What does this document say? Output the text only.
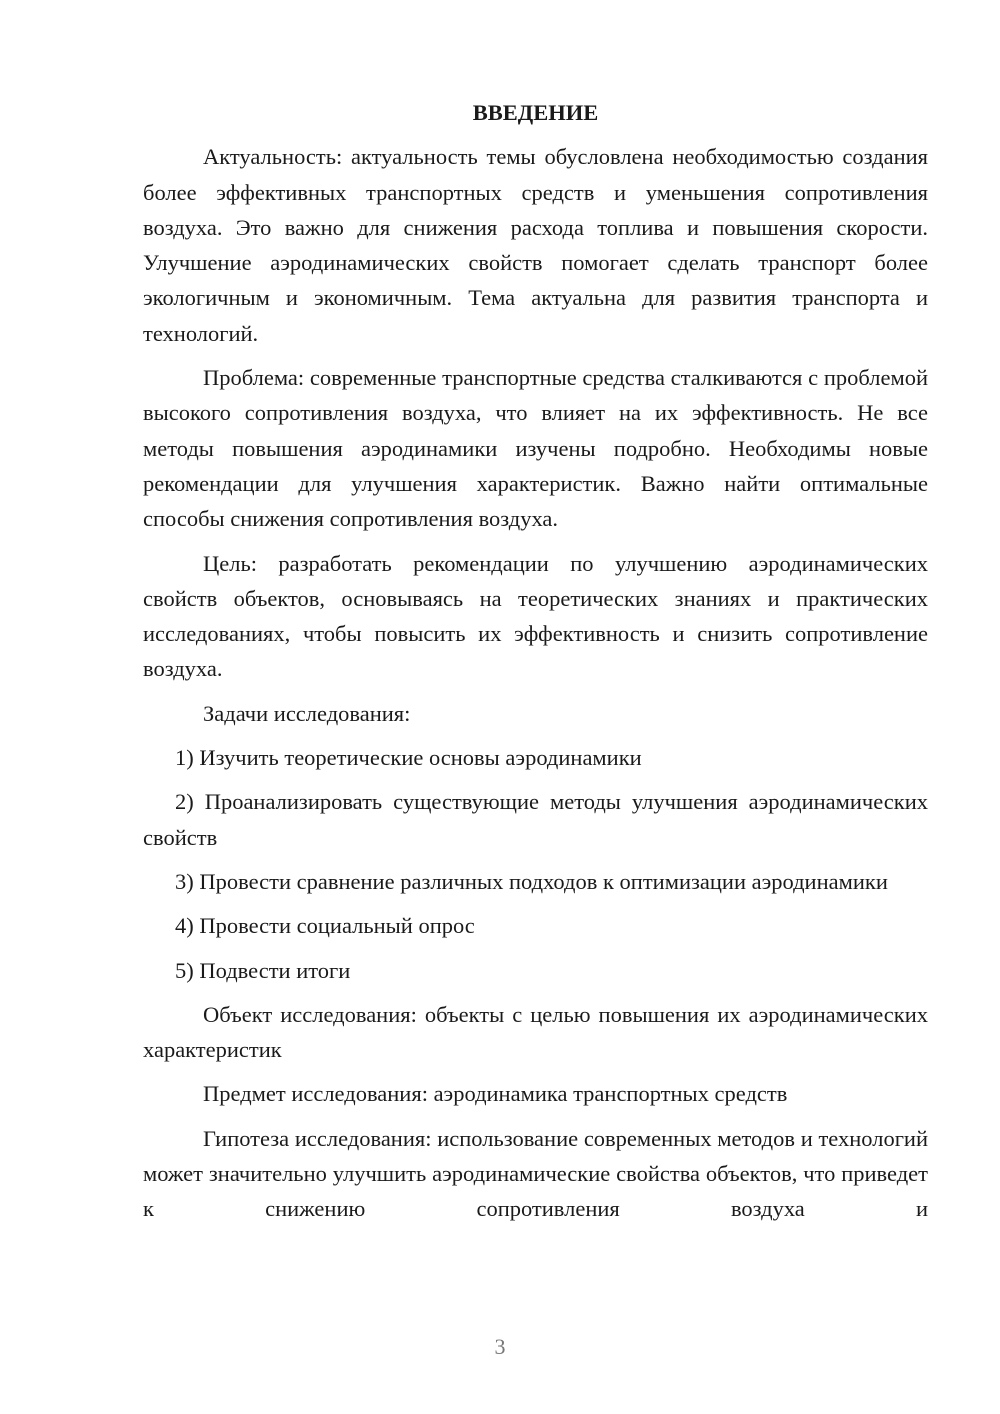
ВВЕДЕНИЕ

Актуальность: актуальность темы обусловлена необходимостью создания более эффективных транспортных средств и уменьшения сопротивления воздуха. Это важно для снижения расхода топлива и повышения скорости. Улучшение аэродинамических свойств помогает сделать транспорт более экологичным и экономичным. Тема актуальна для развития транспорта и технологий.

Проблема: современные транспортные средства сталкиваются с проблемой высокого сопротивления воздуха, что влияет на их эффективность. Не все методы повышения аэродинамики изучены подробно. Необходимы новые рекомендации для улучшения характеристик. Важно найти оптимальные способы снижения сопротивления воздуха.

Цель: разработать рекомендации по улучшению аэродинамических свойств объектов, основываясь на теоретических знаниях и практических исследованиях, чтобы повысить их эффективность и снизить сопротивление воздуха.

Задачи исследования:

1) Изучить теоретические основы аэродинамики

2) Проанализировать существующие методы улучшения аэродинамических свойств

3) Провести сравнение различных подходов к оптимизации аэродинамики

4) Провести социальный опрос

5) Подвести итоги

Объект исследования: объекты с целью повышения их аэродинамических характеристик

Предмет исследования: аэродинамика транспортных средств

Гипотеза исследования: использование современных методов и технологий может значительно улучшить аэродинамические свойства объектов, что приведет к снижению сопротивления воздуха и

3
